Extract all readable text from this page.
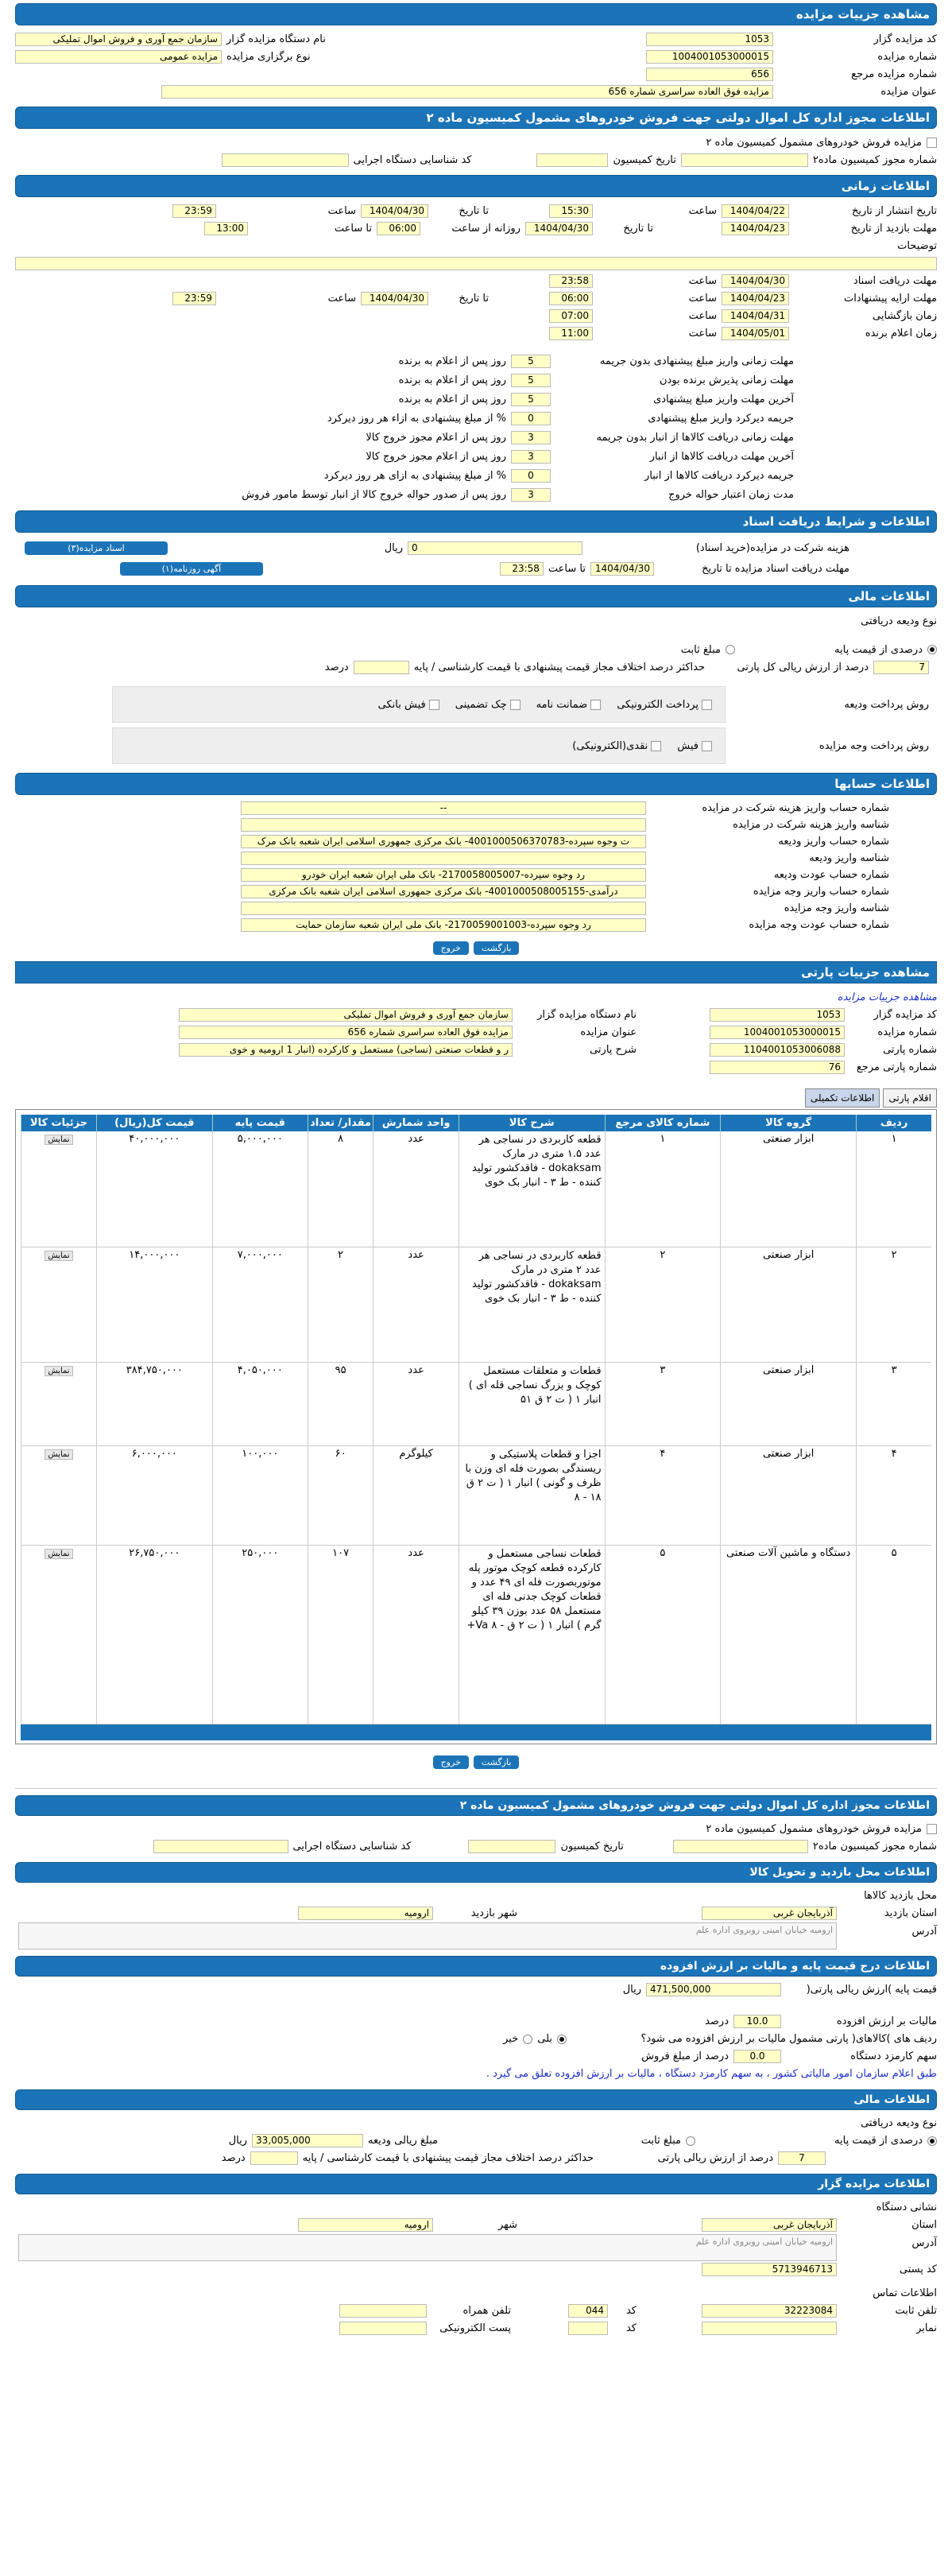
مشاهده جزییات مزایده
کد مزایده گزار
1053
نام دستگاه مزایده گزار
سازمان جمع آوری و فروش اموال تملیکی
شماره مزایده
1004001053000015
نوع برگزاری مزایده
مزایده عمومی
شماره مزایده مرجع
656
عنوان مزایده
مزایده فوق العاده سراسری شماره 656
اطلاعات مجوز اداره کل اموال دولتی جهت فروش خودروهای مشمول کمیسیون ماده ۲
مزایده فروش خودروهای مشمول کمیسیون ماده ۲
شماره مجوز کمیسیون ماده۲
تاریخ کمیسیون
کد شناسایی دستگاه اجرایی
اطلاعات زمانی
تاریخ انتشار از تاریخ
1404/04/22
ساعت
15:30
تا تاریخ
1404/04/30
ساعت
23:59
مهلت بازدید از تاریخ
1404/04/23
تا تاریخ
1404/04/30
روزانه از ساعت
06:00
تا ساعت
13:00
توضیحات
مهلت دریافت اسناد
1404/04/30
ساعت
23:58
مهلت ارایه پیشنهادات
1404/04/23
ساعت
06:00
تا تاریخ
1404/04/30
ساعت
23:59
زمان بازگشایی
1404/04/31
ساعت
07:00
زمان اعلام برنده
1404/05/01
ساعت
11:00
مهلت زمانی واریز مبلغ پیشنهادی بدون جریمه
5
روز پس از اعلام به برنده
مهلت زمانی پذیرش برنده بودن
5
روز پس از اعلام به برنده
آخرین مهلت واریز مبلغ پیشنهادی
5
روز پس از اعلام به برنده
جریمه دیرکرد واریز مبلغ پیشنهادی
0
% از مبلغ پیشنهادی به ازاء هر روز دیرکرد
مهلت زمانی دریافت کالاها از انبار بدون جریمه
3
روز پس از اعلام مجوز خروج کالا
آخرین مهلت دریافت کالاها از انبار
3
روز پس از اعلام مجوز خروج کالا
جریمه دیرکرد دریافت کالاها از انبار
0
% از مبلغ پیشنهادی به ازای هر روز دیرکرد
مدت زمان اعتبار حواله خروج
3
روز پس از صدور حواله خروج کالا از انبار توسط مامور فروش
اطلاعات و شرایط دریافت اسناد
هزینه شرکت در مزایده(خرید اسناد)
0
ریال
اسناد مزایده(۳)
مهلت دریافت اسناد مزایده تا تاریخ
1404/04/30
تا ساعت
23:58
آگهی روزنامه(۱)
اطلاعات مالی
نوع ودیعه دریافتی
درصدی از قیمت پایه
مبلغ ثابت
7
درصد از ارزش ریالی کل پارتی
حداکثر درصد اختلاف مجاز قیمت پیشنهادی با قیمت کارشناسی / پایه
درصد
روش پرداخت ودیعه
پرداخت الکترونیکی
ضمانت نامه
چک تضمینی
فیش بانکی
روش پرداخت وجه مزایده
فیش
نقدی(الکترونیکی)
اطلاعات حسابها
شماره حساب واریز هزینه شرکت در مزایده
--
شناسه واریز هزینه شرکت در مزایده
شماره حساب واریز ودیعه
ت وجوه سپرده-4001000506370783- بانک مرکزی جمهوری اسلامی ایران شعبه بانک مرک
شناسه واریز ودیعه
شماره حساب عودت ودیعه
رد وجوه سپرده-2170058005007- بانک ملی ایران شعبه ایران خودرو
شماره حساب واریز وجه مزایده
درآمدی-4001000508005155- بانک مرکزی جمهوری اسلامی ایران شعبه بانک مرکزی
شناسه واریز وجه مزایده
شماره حساب عودت وجه مزایده
رد وجوه سپرده-2170059001003- بانک ملی ایران شعبه سازمان حمایت
بازگشت
خروج
مشاهده جزییات پارتی
مشاهده جزییات مزایده
کد مزایده گزار
1053
نام دستگاه مزایده گزار
سازمان جمع آوری و فروش اموال تملیکی
شماره مزایده
1004001053000015
عنوان مزایده
مزایده فوق العاده سراسری شماره 656
شماره پارتی
1104001053006088
شرح پارتی
ر و قطعات صنعتی (نساجی) مستعمل و کارکرده (انبار 1 ارومیه و خوی
شماره پارتی مرجع
76
اقلام پارتی
اطلاعات تکمیلی
ردیف	گروه کالا	شماره کالای مرجع	شرح کالا	واحد شمارش	مقدار/ تعداد	قیمت پایه	قیمت کل(ریال)	جزئیات کالا
۱	ابزار صنعتی	۱	قطعه کاربردی در نساجی هر عدد ۱.۵ متری در مارک dokaksam - فاقدکشور تولید کننده - ط ۳ - انبار بک خوی	عدد	۸	۵,۰۰۰,۰۰۰	۴۰,۰۰۰,۰۰۰	نمایش
۲	ابزار صنعتی	۲	قطعه کاربردی در نساجی هر عدد ۲ متری در مارک dokaksam - فاقدکشور تولید کننده - ط ۳ - انبار بک خوی	عدد	۲	۷,۰۰۰,۰۰۰	۱۴,۰۰۰,۰۰۰	نمایش
۳	ابزار صنعتی	۳	قطعات و متعلقات مستعمل کوچک و بزرگ نساجی قله ای ) انبار ۱ ( ت ۲ ق ۵۱	عدد	۹۵	۴,۰۵۰,۰۰۰	۳۸۴,۷۵۰,۰۰۰	نمایش
۴	ابزار صنعتی	۴	اجزا و قطعات پلاستیکی و ریسندگی بصورت فله ای وزن با ظرف و گونی ) انبار ۱ ( ت ۲ ق ۱۸ - ۸	کیلوگرم	۶۰	۱۰۰,۰۰۰	۶,۰۰۰,۰۰۰	نمایش
۵	دستگاه و ماشین آلات صنعتی	۵	قطعات نساجی مستعمل و کارکرده قطعه کوچک موتور پله موتوربصورت فله ای ۴۹ عدد و قطعات کوچک جدنی فله ای مستعمل ۵۸ عدد بوزن ۳۹ کیلو گرم ) انبار ۱ ( ت ۲ ق - ۸ Va+	عدد	۱۰۷	۲۵۰,۰۰۰	۲۶,۷۵۰,۰۰۰	نمایش
بازگشت
خروج
اطلاعات مجوز اداره کل اموال دولتی جهت فروش خودروهای مشمول کمیسیون ماده ۲
مزایده فروش خودروهای مشمول کمیسیون ماده ۲
شماره مجوز کمیسیون ماده۲
تاریخ کمیسیون
کد شناسایی دستگاه اجرایی
اطلاعات محل بازدید و تحویل کالا
محل بازدید کالاها
استان بازدید
آذربایجان غربی
شهر بازدید
ارومیه
آدرس
ارومیه خیابان امینی روبروی اداره علم
اطلاعات درج قیمت پایه و مالیات بر ارزش افزوده
قیمت پایه )ارزش ریالی پارتی(
471,500,000
ریال
مالیات بر ارزش افزوده
10.0
درصد
ردیف های )کالاهای( پارتی مشمول مالیات بر ارزش افزوده می شود؟
بلی
خیر
سهم کارمزد دستگاه
0.0
درصد از مبلغ فروش
طبق اعلام سازمان امور مالیاتی کشور ، به سهم کارمزد دستگاه ، مالیات بر ارزش افزوده تعلق می گیرد .
اطلاعات مالی
نوع ودیعه دریافتی
درصدی از قیمت پایه
مبلغ ثابت
مبلغ ریالی ودیعه
33,005,000
ریال
7
درصد از ارزش ریالی پارتی
حداکثر درصد اختلاف مجاز قیمت پیشنهادی با قیمت کارشناسی / پایه
درصد
اطلاعات مزایده گزار
نشانی دستگاه
استان
آذربایجان غربی
شهر
ارومیه
آدرس
ارومیه خیابان امینی روبروی اداره علم
کد پستی
5713946713
اطلاعات تماس
تلفن ثابت
32223084
کد
044
تلفن همراه
نمابر
کد
پست الکترونیکی
